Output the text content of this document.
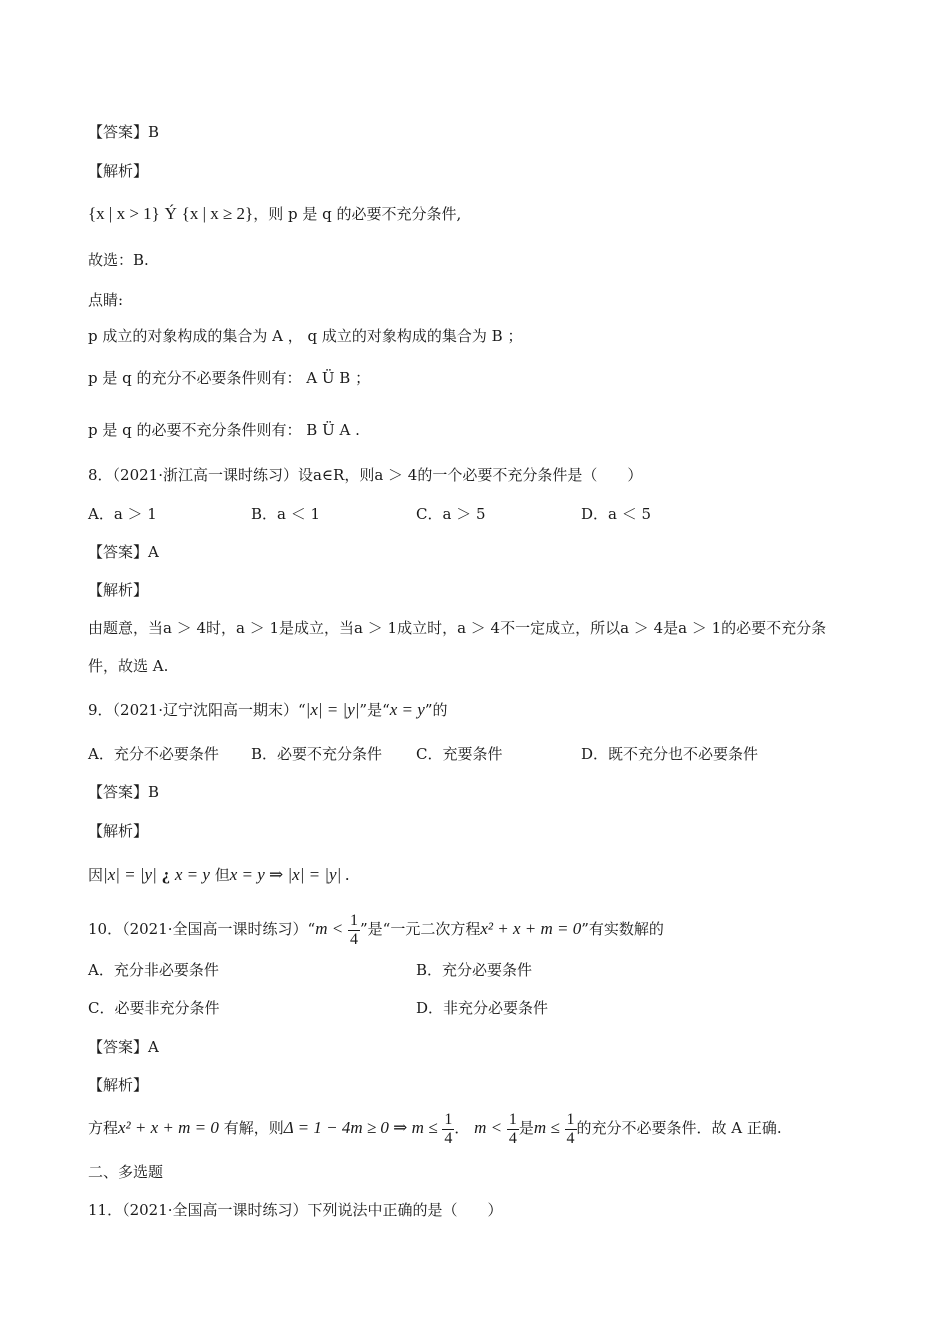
【答案】B
【解析】
{x | x > 1} Ý {x | x ≥ 2}，则 p 是 q 的必要不充分条件,
故选：B.
点睛:
p 成立的对象构成的集合为 A ， q 成立的对象构成的集合为 B ；
p 是 q 的充分不必要条件则有： A Ü B ；
p 是 q 的必要不充分条件则有： B Ü A .
8．（2021·浙江高一课时练习）设a∈R，则a ＞ 4的一个必要不充分条件是（　　）
A．a ＞ 1	B．a ＜ 1	C．a ＞ 5	D．a ＜ 5
【答案】A
【解析】
由题意，当a ＞ 4时，a ＞ 1是成立，当a ＞ 1成立时，a ＞ 4不一定成立，所以a ＞ 4是a ＞ 1的必要不充分条
件，故选 A.
9．（2021·辽宁沈阳高一期末）“|x| = |y|”是“x = y”的
A．充分不必要条件 B．必要不充分条件 C．充要条件	D．既不充分也不必要条件
【答案】B
【解析】
因|x| = |y| ¿ x = y 但x = y ⇒ |x| = |y| .
10．（2021·全国高一课时练习）“m < $\frac{1}{4}$ ”是“一元二次方程x² + x + m = 0”有实数解的
A．充分非必要条件	B．充分必要条件
C．必要非充分条件	D．非充分必要条件
【答案】A
【解析】
方程x² + x + m = 0 有解，则Δ = 1 − 4m ≥ 0 ⇒ $m \le \frac{1}{4}$ ． $m < \frac{1}{4}$ 是$m \le \frac{1}{4}$ 的充分不必要条件．故 A 正确.
二、多选题
11．（2021·全国高一课时练习）下列说法中正确的是（　　）
